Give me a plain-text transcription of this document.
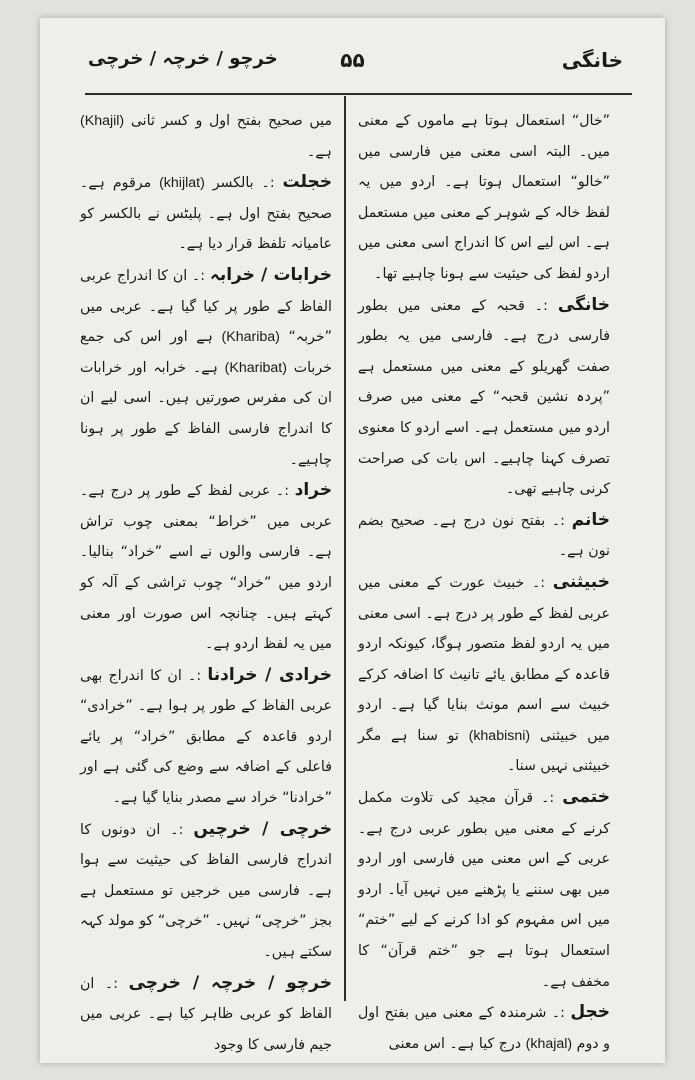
۵۵	خانگی
خرچو / خرچہ / خرچی

”خال“ استعمال ہوتا ہے ماموں کے معنی میں۔ البتہ اسی معنی میں فارسی میں ”خالو“ استعمال ہوتا ہے۔ اردو میں یہ لفظ خالہ کے شوہر کے معنی میں مستعمل ہے۔ اس لیے اس کا اندراج اسی معنی میں اردو لفظ کی حیثیت سے ہونا چاہیے تھا۔

خانگی :۔ قحبہ کے معنی میں بطور فارسی درج ہے۔ فارسی میں یہ بطور صفت گھریلو کے معنی میں مستعمل ہے ”پردہ نشین قحبہ“ کے معنی میں صرف اردو میں مستعمل ہے۔ اسے اردو کا معنوی تصرف کہنا چاہیے۔ اس بات کی صراحت کرنی چاہیے تھی۔

خانم :۔ بفتح نون درج ہے۔ صحیح بضم نون ہے۔

خبیثنی :۔ خبیث عورت کے معنی میں عربی لفظ کے طور پر درج ہے۔ اسی معنی میں یہ اردو لفظ متصور ہوگا، کیونکہ اردو قاعدہ کے مطابق یائے تانیث کا اضافہ کرکے خبیث سے اسم مونث بنایا گیا ہے۔ اردو میں خبیثنی (khabisni) تو سنا ہے مگر خبیثنی نہیں سنا۔

ختمی :۔ قرآن مجید کی تلاوت مکمل کرنے کے معنی میں بطور عربی درج ہے۔ عربی کے اس معنی میں فارسی اور اردو میں بھی سننے یا پڑھنے میں نہیں آیا۔ اردو میں اس مفہوم کو ادا کرنے کے لیے ”ختم“ استعمال ہوتا ہے جو ”ختم قرآن“ کا مخفف ہے۔

خجل :۔ شرمندہ کے معنی میں بفتح اول و دوم (khajal) درج کیا ہے۔ اس معنی

میں صحیح بفتح اول و کسر ثانی (Khajil) ہے۔

خجلت :۔ بالکسر (khijlat) مرقوم ہے۔ صحیح بفتح اول ہے۔ پلیٹس نے بالکسر کو عامیانہ تلفظ قرار دیا ہے۔

خرابات / خرابہ :۔ ان کا اندراج عربی الفاظ کے طور پر کیا گیا ہے۔ عربی میں ”خربہ“ (Khariba) ہے اور اس کی جمع خربات (Kharibat) ہے۔ خرابہ اور خرابات ان کی مفرس صورتیں ہیں۔ اسی لیے ان کا اندراج فارسی الفاظ کے طور پر ہونا چاہیے۔

خراد :۔ عربی لفظ کے طور پر درج ہے۔ عربی میں ”خراط“ بمعنی چوب تراش ہے۔ فارسی والوں نے اسے ”خراد“ بنالیا۔ اردو میں ”خراد“ چوب تراشی کے آلہ کو کہتے ہیں۔ چنانچہ اس صورت اور معنی میں یہ لفظ اردو ہے۔

خرادی / خرادنا :۔ ان کا اندراج بھی عربی الفاظ کے طور پر ہوا ہے۔ ”خرادی“ اردو قاعدہ کے مطابق ”خراد“ پر یائے فاعلی کے اضافہ سے وضع کی گئی ہے اور ”خرادنا“ خراد سے مصدر بنایا گیا ہے۔

خرچی / خرچیں :۔ ان دونوں کا اندراج فارسی الفاظ کی حیثیت سے ہوا ہے۔ فارسی میں خرجیں تو مستعمل ہے بجز ”خرچی“ نہیں۔ ”خرچی“ کو مولد کہہ سکتے ہیں۔

خرچو / خرچہ / خرچی :۔ ان الفاظ کو عربی ظاہر کیا ہے۔ عربی میں جیم فارسی کا وجود
